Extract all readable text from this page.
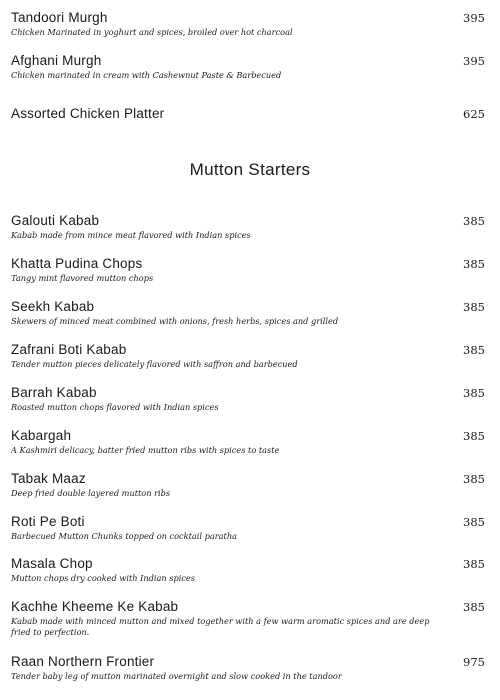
Tandoori Murgh
Chicken Marinated in yoghurt and spices, broiled over hot charcoal
395
Afghani Murgh
Chicken marinated in cream with Cashewnut Paste & Barbecued
395
Assorted Chicken Platter	625
Mutton Starters
Galouti Kabab
Kabab made from mince meat flavored with Indian spices
385
Khatta Pudina Chops
Tangy mint flavored mutton chops
385
Seekh Kabab
Skewers of minced meat combined with onions, fresh herbs, spices and grilled
385
Zafrani Boti Kabab
Tender mutton pieces delicately flavored with saffron and barbecued
385
Barrah Kabab
Roasted mutton chops flavored with Indian spices
385
Kabargah
A Kashmiri delicacy, batter fried mutton ribs with spices to taste
385
Tabak Maaz
Deep fried double layered mutton ribs
385
Roti Pe Boti
Barbecued Mutton Chunks topped on cocktail paratha
385
Masala Chop
Mutton chops dry cooked with Indian spices
385
Kachhe Kheeme Ke Kabab
Kabab made with minced mutton and mixed together with a few warm aromatic spices and are deep fried to perfection.
385
Raan Northern Frontier
Tender baby leg of mutton marinated overnight and slow cooked in the tandoor
975
